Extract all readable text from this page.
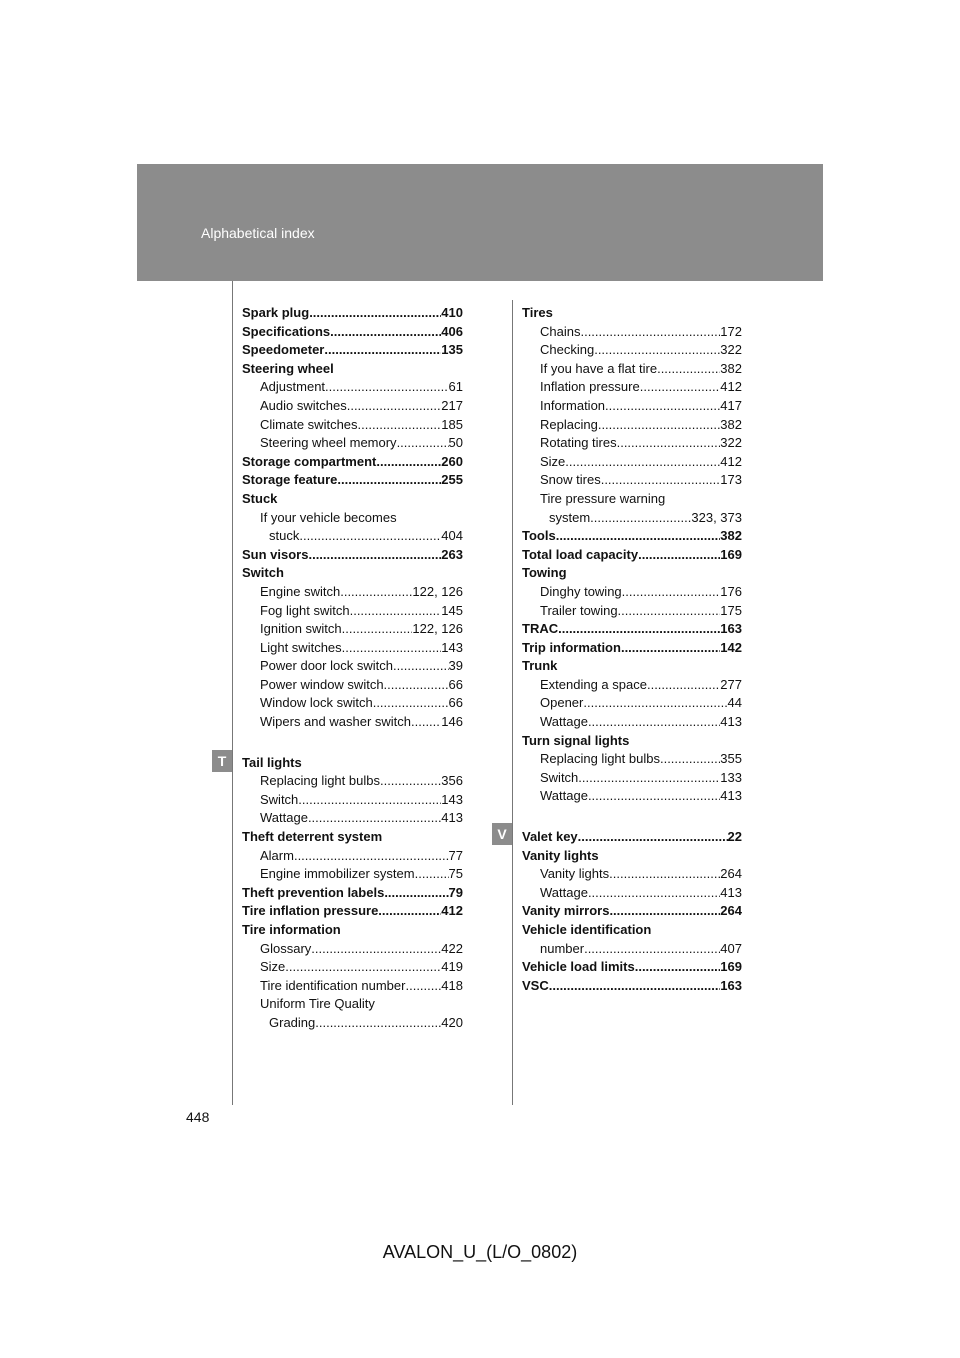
Alphabetical index
T
V
Spark plug .....	410
Specifications .....	406
Speedometer .....	135
Steering wheel
Adjustment .....	61
Audio switches .....	217
Climate switches .....	185
Steering wheel memory .....	50
Storage compartment .....	260
Storage feature .....	255
Stuck
If your vehicle becomes
stuck .....	404
Sun visors .....	263
Switch
Engine switch .....	122, 126
Fog light switch .....	145
Ignition switch .....	122, 126
Light switches .....	143
Power door lock switch .....	39
Power window switch .....	66
Window lock switch .....	66
Wipers and washer switch ..... 146
Tail lights
Replacing light bulbs .....	356
Switch .....	143
Wattage .....	413
Theft deterrent system
Alarm .....	77
Engine immobilizer system .....	75
Theft prevention labels .....	79
Tire inflation pressure .....	412
Tire information
Glossary .....	422
Size .....	419
Tire identification number .....	418
Uniform Tire Quality
Grading .....	420
Tires
Chains .....	172
Checking .....	322
If you have a flat tire .....	382
Inflation pressure .....	412
Information .....	417
Replacing .....	382
Rotating tires .....	322
Size .....	412
Snow tires .....	173
Tire pressure warning
system .....	323, 373
Tools .....	382
Total load capacity .....	169
Towing
Dinghy towing .....	176
Trailer towing .....	175
TRAC .....	163
Trip information .....	142
Trunk
Extending a space .....	277
Opener .....	44
Wattage .....	413
Turn signal lights
Replacing light bulbs .....	355
Switch .....	133
Wattage .....	413
Valet key .....	22
Vanity lights
Vanity lights .....	264
Wattage .....	413
Vanity mirrors .....	264
Vehicle identification
number .....	407
Vehicle load limits .....	169
VSC .....	163
448
AVALON_U_(L/O_0802)
